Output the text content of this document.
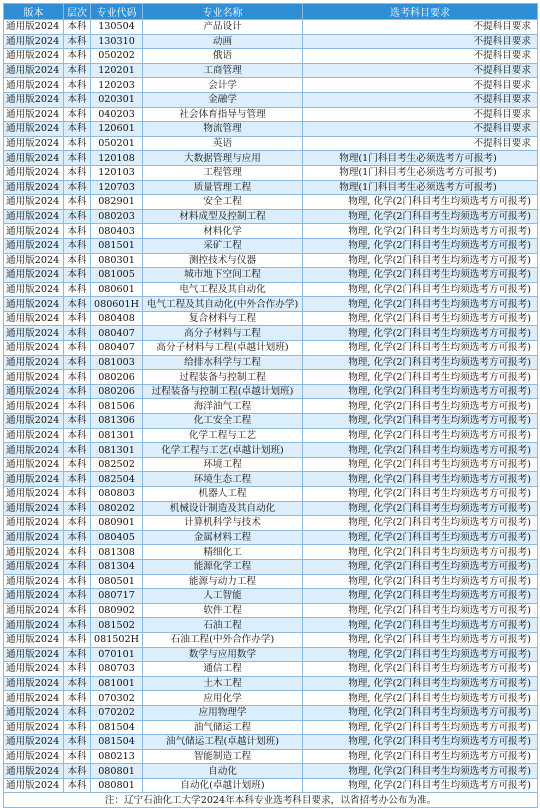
版本	层次	专业代码	专业名称	选考科目要求
通用版2024	本科	130504	产品设计	不提科目要求
通用版2024	本科	130310	动画	不提科目要求
通用版2024	本科	050202	俄语	不提科目要求
通用版2024	本科	120201	工商管理	不提科目要求
通用版2024	本科	120203	会计学	不提科目要求
通用版2024	本科	020301	金融学	不提科目要求
通用版2024	本科	040203	社会体育指导与管理	不提科目要求
通用版2024	本科	120601	物流管理	不提科目要求
通用版2024	本科	050201	英语	不提科目要求
通用版2024	本科	120108	大数据管理与应用	物理(1门科目考生必须选考方可报考)
通用版2024	本科	120103	工程管理	物理(1门科目考生必须选考方可报考)
通用版2024	本科	120703	质量管理工程	物理(1门科目考生必须选考方可报考)
通用版2024	本科	082901	安全工程	物理, 化学(2门科目考生均须选考方可报考)
通用版2024	本科	080203	材料成型及控制工程	物理, 化学(2门科目考生均须选考方可报考)
通用版2024	本科	080403	材料化学	物理, 化学(2门科目考生均须选考方可报考)
通用版2024	本科	081501	采矿工程	物理, 化学(2门科目考生均须选考方可报考)
通用版2024	本科	080301	测控技术与仪器	物理, 化学(2门科目考生均须选考方可报考)
通用版2024	本科	081005	城市地下空间工程	物理, 化学(2门科目考生均须选考方可报考)
通用版2024	本科	080601	电气工程及其自动化	物理, 化学(2门科目考生均须选考方可报考)
通用版2024	本科	080601H	电气工程及其自动化(中外合作办学)	物理, 化学(2门科目考生均须选考方可报考)
通用版2024	本科	080408	复合材料与工程	物理, 化学(2门科目考生均须选考方可报考)
通用版2024	本科	080407	高分子材料与工程	物理, 化学(2门科目考生均须选考方可报考)
通用版2024	本科	080407	高分子材料与工程(卓越计划班)	物理, 化学(2门科目考生均须选考方可报考)
通用版2024	本科	081003	给排水科学与工程	物理, 化学(2门科目考生均须选考方可报考)
通用版2024	本科	080206	过程装备与控制工程	物理, 化学(2门科目考生均须选考方可报考)
通用版2024	本科	080206	过程装备与控制工程(卓越计划班)	物理, 化学(2门科目考生均须选考方可报考)
通用版2024	本科	081506	海洋油气工程	物理, 化学(2门科目考生均须选考方可报考)
通用版2024	本科	081306	化工安全工程	物理, 化学(2门科目考生均须选考方可报考)
通用版2024	本科	081301	化学工程与工艺	物理, 化学(2门科目考生均须选考方可报考)
通用版2024	本科	081301	化学工程与工艺(卓越计划班)	物理, 化学(2门科目考生均须选考方可报考)
通用版2024	本科	082502	环境工程	物理, 化学(2门科目考生均须选考方可报考)
通用版2024	本科	082504	环境生态工程	物理, 化学(2门科目考生均须选考方可报考)
通用版2024	本科	080803	机器人工程	物理, 化学(2门科目考生均须选考方可报考)
通用版2024	本科	080202	机械设计制造及其自动化	物理, 化学(2门科目考生均须选考方可报考)
通用版2024	本科	080901	计算机科学与技术	物理, 化学(2门科目考生均须选考方可报考)
通用版2024	本科	080405	金属材料工程	物理, 化学(2门科目考生均须选考方可报考)
通用版2024	本科	081308	精细化工	物理, 化学(2门科目考生均须选考方可报考)
通用版2024	本科	081304	能源化学工程	物理, 化学(2门科目考生均须选考方可报考)
通用版2024	本科	080501	能源与动力工程	物理, 化学(2门科目考生均须选考方可报考)
通用版2024	本科	080717	人工智能	物理, 化学(2门科目考生均须选考方可报考)
通用版2024	本科	080902	软件工程	物理, 化学(2门科目考生均须选考方可报考)
通用版2024	本科	081502	石油工程	物理, 化学(2门科目考生均须选考方可报考)
通用版2024	本科	081502H	石油工程(中外合作办学)	物理, 化学(2门科目考生均须选考方可报考)
通用版2024	本科	070101	数学与应用数学	物理, 化学(2门科目考生均须选考方可报考)
通用版2024	本科	080703	通信工程	物理, 化学(2门科目考生均须选考方可报考)
通用版2024	本科	081001	土木工程	物理, 化学(2门科目考生均须选考方可报考)
通用版2024	本科	070302	应用化学	物理, 化学(2门科目考生均须选考方可报考)
通用版2024	本科	070202	应用物理学	物理, 化学(2门科目考生均须选考方可报考)
通用版2024	本科	081504	油气储运工程	物理, 化学(2门科目考生均须选考方可报考)
通用版2024	本科	081504	油气储运工程(卓越计划班)	物理, 化学(2门科目考生均须选考方可报考)
通用版2024	本科	080213	智能制造工程	物理, 化学(2门科目考生均须选考方可报考)
通用版2024	本科	080801	自动化	物理, 化学(2门科目考生均须选考方可报考)
通用版2024	本科	080801	自动化(卓越计划班)	物理, 化学(2门科目考生均须选考方可报考)
注：辽宁石油化工大学2024年本科专业选考科目要求，以省招考办公布为准。				
